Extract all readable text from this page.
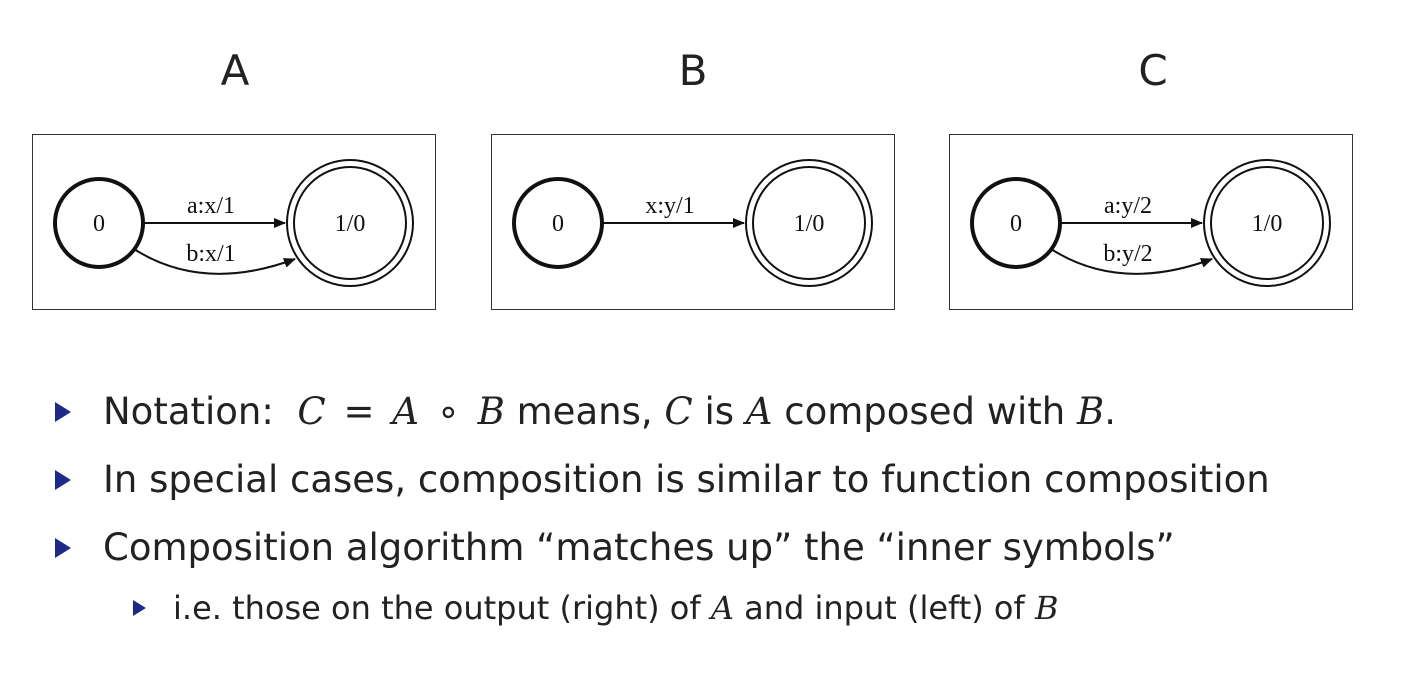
A	B	C
0	1/0
a:x/1
b:x/1
0	1/0
x:y/1
0	1/0
a:y/2
b:y/2
Notation: C = A ∘ B means, C is A composed with B.
In special cases, composition is similar to function composition
Composition algorithm “matches up” the “inner symbols”
i.e. those on the output (right) of A and input (left) of B
